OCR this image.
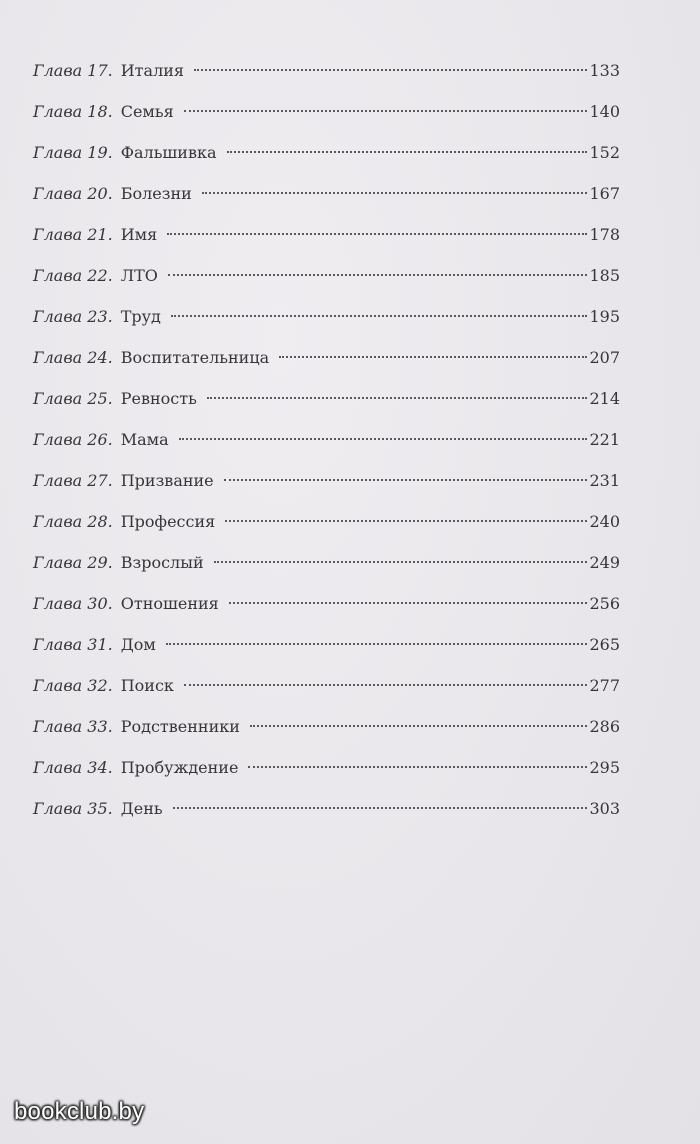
Глава 17. Италия	133
Глава 18. Семья	140
Глава 19. Фальшивка	152
Глава 20. Болезни	167
Глава 21. Имя	178
Глава 22. ЛТО	185
Глава 23. Труд	195
Глава 24. Воспитательница	207
Глава 25. Ревность	214
Глава 26. Мама	221
Глава 27. Призвание	231
Глава 28. Профессия	240
Глава 29. Взрослый	249
Глава 30. Отношения	256
Глава 31. Дом	265
Глава 32. Поиск	277
Глава 33. Родственники	286
Глава 34. Пробуждение	295
Глава 35. День	303
bookclub.by
